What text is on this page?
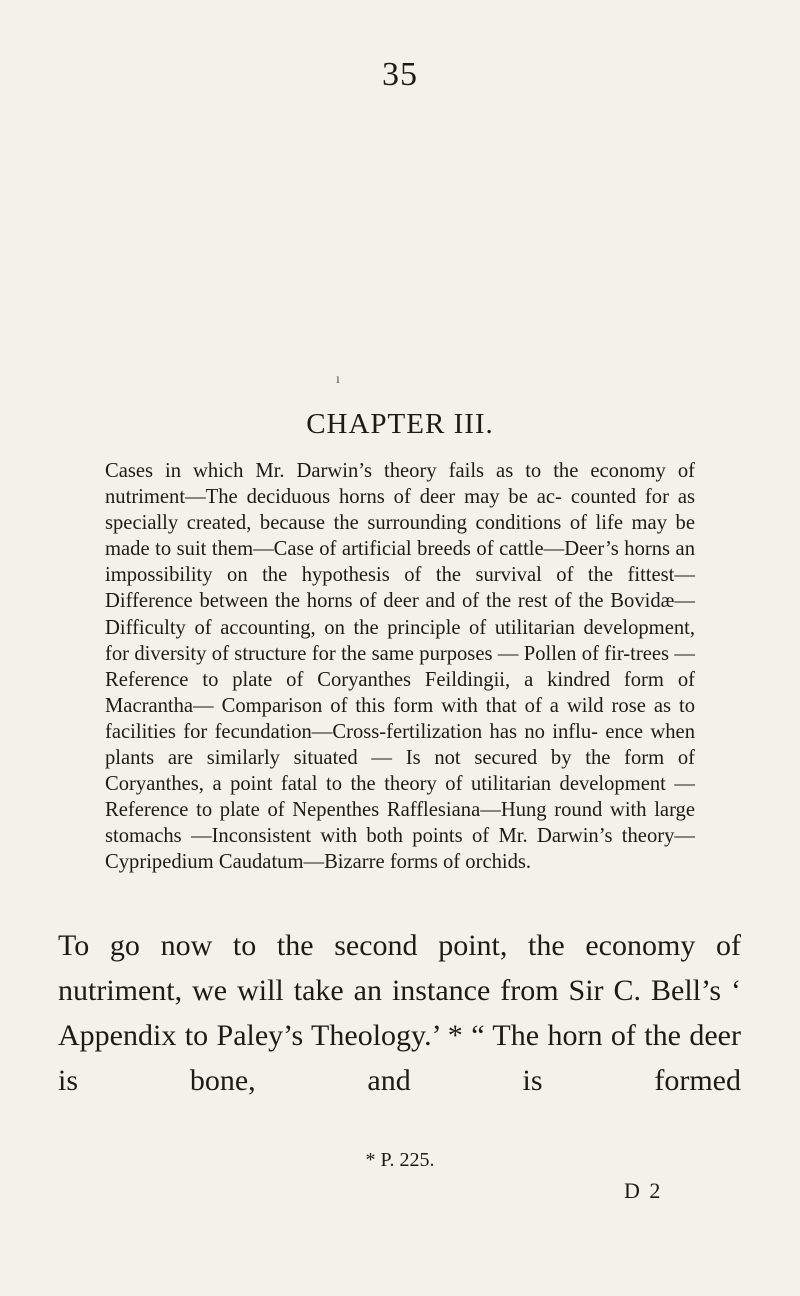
35
ı
CHAPTER III.

Cases in which Mr. Darwin’s theory fails as to the economy of nutriment—The deciduous horns of deer may be ac- counted for as specially created, because the surrounding conditions of life may be made to suit them—Case of artificial breeds of cattle—Deer’s horns an impossibility on the hypothesis of the survival of the fittest—Difference between the horns of deer and of the rest of the Bovidæ— Difficulty of accounting, on the principle of utilitarian development, for diversity of structure for the same purposes — Pollen of fir-trees — Reference to plate of Coryanthes Feildingii, a kindred form of Macrantha— Comparison of this form with that of a wild rose as to facilities for fecundation—Cross-fertilization has no influ- ence when plants are similarly situated — Is not secured by the form of Coryanthes, a point fatal to the theory of utilitarian development — Reference to plate of Nepenthes Rafflesiana—Hung round with large stomachs —Inconsistent with both points of Mr. Darwin’s theory— Cypripedium Caudatum—Bizarre forms of orchids.

To go now to the second point, the economy of nutriment, we will take an instance from Sir C. Bell’s ‘ Appendix to Paley’s Theology.’ * “ The horn of the deer is bone, and is formed

* P. 225.
D 2
